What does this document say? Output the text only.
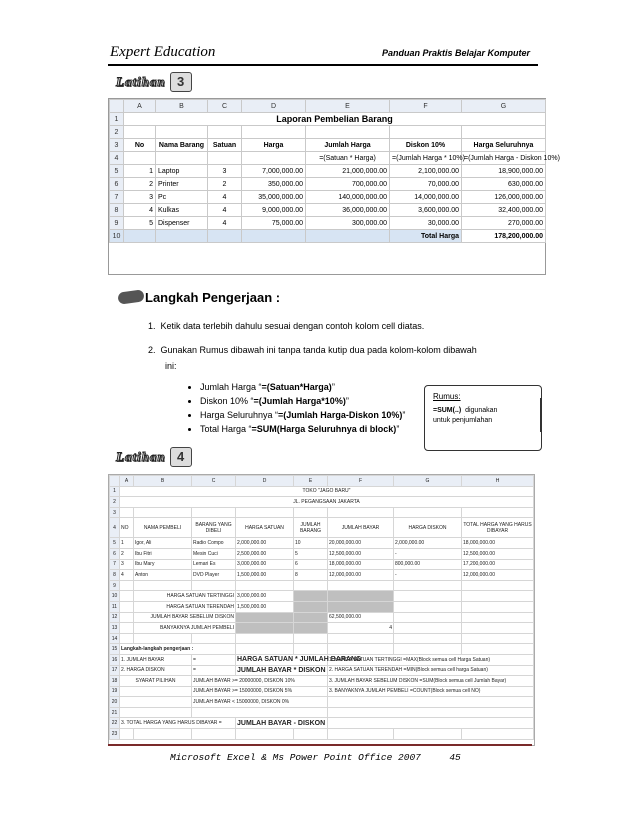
Expert Education	Panduan Praktis Belajar Komputer
Latihan 3
	A	B	C	D	E	F	G
1	Laporan Pembelian Barang						
2							
3	No	Nama Barang	Satuan	Harga	Jumlah Harga	Diskon 10%	Harga Seluruhnya
4					=(Satuan * Harga)	=(Jumlah Harga * 10%)	=(Jumlah Harga - Diskon 10%)
5	1	Laptop	3	7,000,000.00	21,000,000.00	2,100,000.00	18,900,000.00
6	2	Printer	2	350,000.00	700,000.00	70,000.00	630,000.00
7	3	Pc	4	35,000,000.00	140,000,000.00	14,000,000.00	126,000,000.00
8	4	Kulkas	4	9,000,000.00	36,000,000.00	3,600,000.00	32,400,000.00
9	5	Dispenser	4	75,000.00	300,000.00	30,000.00	270,000.00
10						Total Harga	178,200,000.00
Langkah Pengerjaan :
1. Ketik data terlebih dahulu sesuai dengan contoh kolom cell diatas.
2. Gunakan Rumus dibawah ini tanpa tanda kutip dua pada kolom-kolom dibawah
ini:
• Jumlah Harga “=(Satuan*Harga)”
• Diskon 10% “=(Jumlah Harga*10%)”
• Harga Seluruhnya “=(Jumlah Harga-Diskon 10%)”
• Total Harga “=SUM(Harga Seluruhnya di block)”
Rumus:
=SUM(..) digunakan
untuk penjumlahan
Latihan 4
	A	B	C	D	E	F	G	H
1	TOKO "JAGO BARU"							
2	JL. PEGANGSAAN JAKARTA							
3								
4	NO	NAMA PEMBELI	BARANG YANG DIBELI	HARGA SATUAN	JUMLAH BARANG	JUMLAH BAYAR	HARGA DISKON	TOTAL HARGA YANG HARUS DIBAYAR
5	1	Igor, Ali	Radio Compo	2,000,000.00	10	20,000,000.00	2,000,000.00	18,000,000.00
6	2	Ibu Fitri	Mesin Cuci	2,500,000.00	5	12,500,000.00	-	12,500,000.00
7	3	Ibu Mary	Lemari Es	3,000,000.00	6	18,000,000.00	800,000.00	17,200,000.00
8	4	Anton	DVD Player	1,500,000.00	8	12,000,000.00	-	12,000,000.00
9								
10		HARGA SATUAN TERTINGGI		3,000,000.00				
11		HARGA SATUAN TERENDAH		1,500,000.00				
12		JUMLAH BAYAR SEBELUM DISKON				62,500,000.00		
13		BANYAKNYA JUMLAH PEMBELI				4		
14								
15	Langkah-langkah pengerjaan :							
16	1. JUMLAH BAYAR		=	HARGA SATUAN * JUMLAH BARANG		1. HARGA SATUAN TERTINGGI =MAX(Block semua cell Harga Satuan)		
17	2. HARGA DISKON		=	JUMLAH BAYAR * DISKON		2. HARGA SATUAN TERENDAH =MIN(Block semua cell harga Satuan)		
18	SYARAT PILIHAN		JUMLAH BAYAR >= 20000000, DISKON 10%			3. JUMLAH BAYAR SEBELUM DISKON =SUM(Block semua cell Jumlah Bayar)		
19			JUMLAH BAYAR >= 15000000, DISKON 5%			3. BANYAKNYA JUMLAH PEMBELI =COUNT(Block semua cell NO)		
20			JUMLAH BAYAR < 15000000, DISKON 0%					
21								
22	3. TOTAL HARGA YANG HARUS DIBAYAR =			JUMLAH BAYAR - DISKON				
23								
Microsoft Excel & Ms Power Point Office 2007	45
